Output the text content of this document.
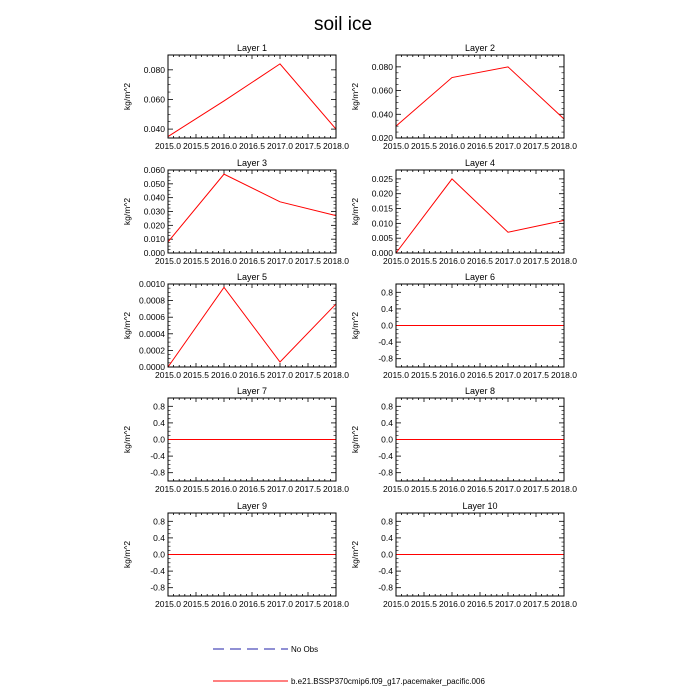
soil ice
Layer 1
2015.0 2015.5 2016.0 2016.5 2017.0 2017.5 2018.0
0.040
0.060
0.080
kg/m^2
Layer 2
2015.0 2015.5 2016.0 2016.5 2017.0 2017.5 2018.0
0.020
0.040
0.060
0.080
kg/m^2
Layer 3
2015.0 2015.5 2016.0 2016.5 2017.0 2017.5 2018.0
0.000
0.010
0.020
0.030
0.040
0.050
0.060
kg/m^2
Layer 4
2015.0 2015.5 2016.0 2016.5 2017.0 2017.5 2018.0
0.000
0.005
0.010
0.015
0.020
0.025
kg/m^2
Layer 5
2015.0 2015.5 2016.0 2016.5 2017.0 2017.5 2018.0
0.0000
0.0002
0.0004
0.0006
0.0008
0.0010
kg/m^2
Layer 6
2015.0 2015.5 2016.0 2016.5 2017.0 2017.5 2018.0
-0.8
-0.4
0.0
0.4
0.8
kg/m^2
Layer 7
2015.0 2015.5 2016.0 2016.5 2017.0 2017.5 2018.0
-0.8
-0.4
0.0
0.4
0.8
kg/m^2
Layer 8
2015.0 2015.5 2016.0 2016.5 2017.0 2017.5 2018.0
-0.8
-0.4
0.0
0.4
0.8
kg/m^2
Layer 9
2015.0 2015.5 2016.0 2016.5 2017.0 2017.5 2018.0
-0.8
-0.4
0.0
0.4
0.8
kg/m^2
Layer 10
2015.0 2015.5 2016.0 2016.5 2017.0 2017.5 2018.0
-0.8
-0.4
0.0
0.4
0.8
kg/m^2
No Obs
b.e21.BSSP370cmip6.f09_g17.pacemaker_pacific.006
